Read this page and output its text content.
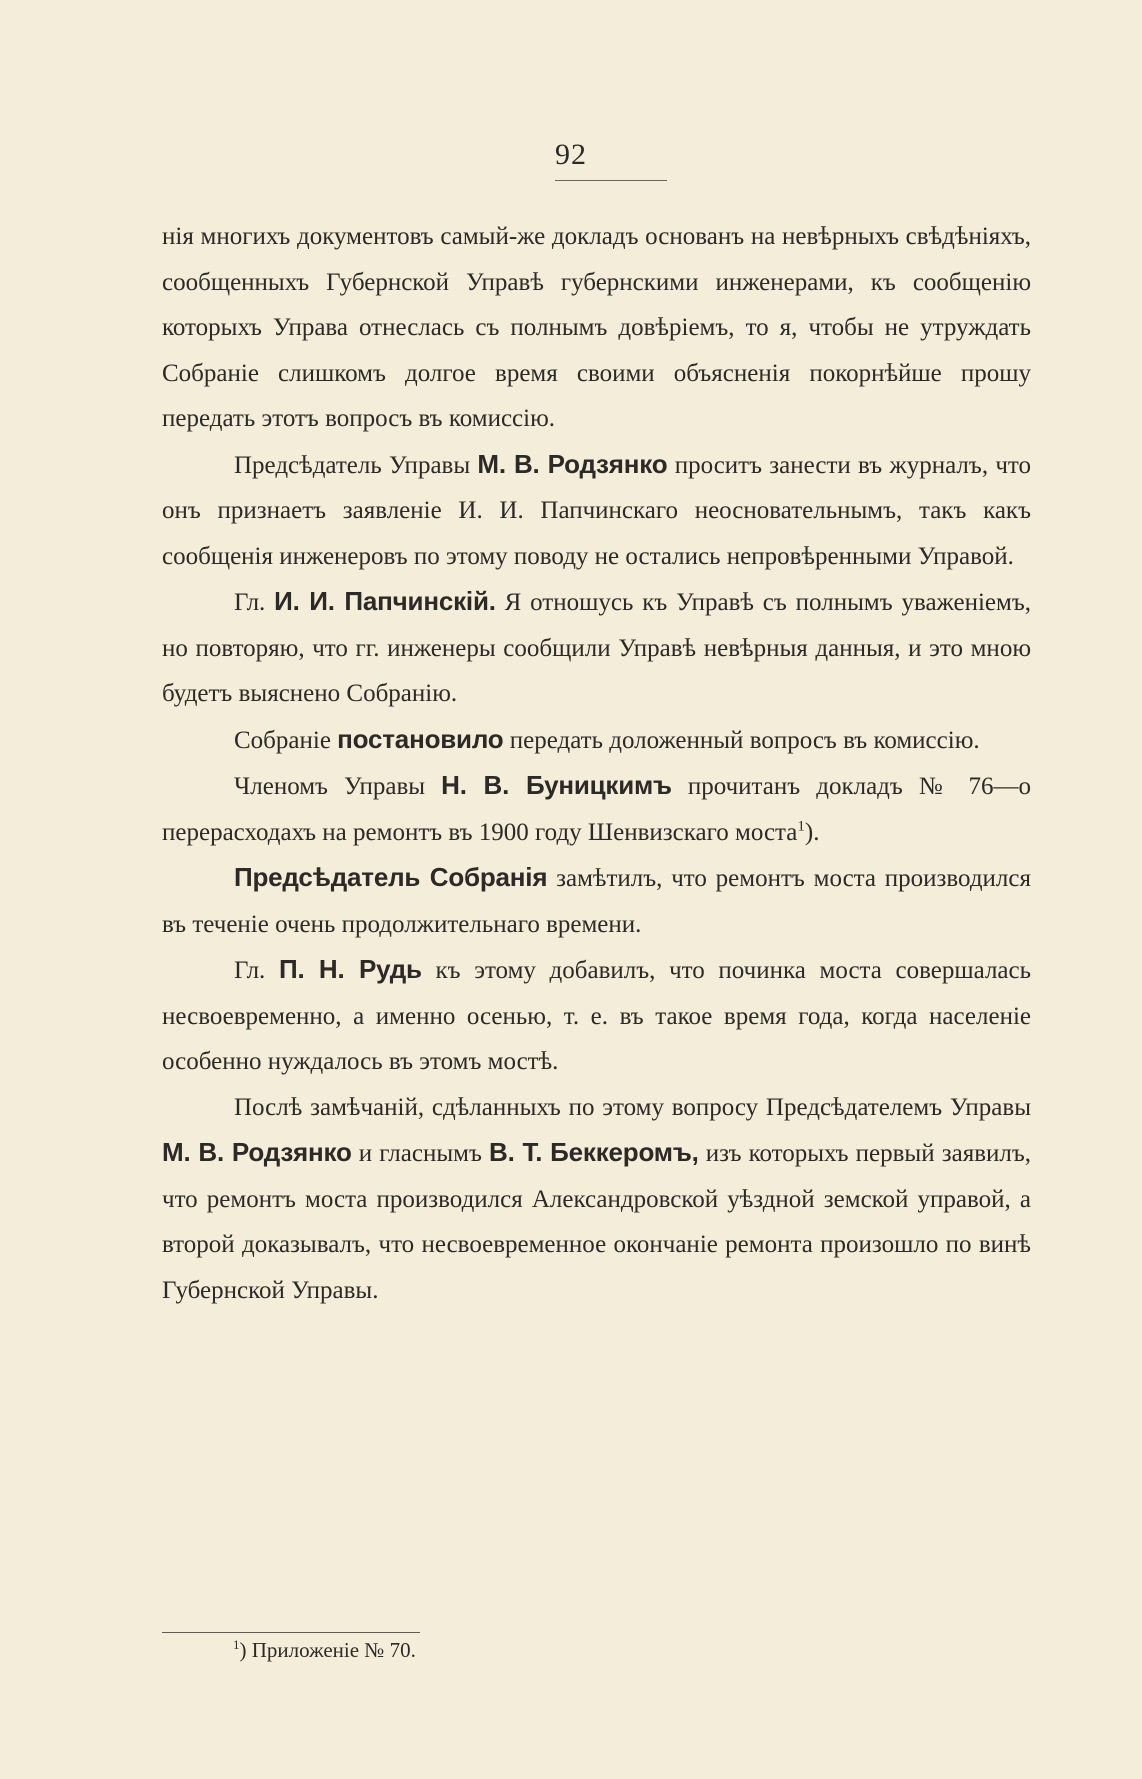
92

нія многихъ документовъ самый-же докладъ основанъ на невѣрныхъ свѣдѣніяхъ, сообщенныхъ Губернской Управѣ губернскими инженерами, къ сообщенію которыхъ Управа отнеслась съ полнымъ довѣріемъ, то я, чтобы не утруждать Собраніе слишкомъ долгое время своими объясненія покорнѣйше прошу передать этотъ вопросъ въ комиссію.

Предсѣдатель Управы М. В. Родзянко проситъ занести въ журналъ, что онъ признаетъ заявленіе И. И. Папчинскаго неосновательнымъ, такъ какъ сообщенія инженеровъ по этому поводу не остались непровѣренными Управой.

Гл. И. И. Папчинскій. Я отношусь къ Управѣ съ полнымъ уваженіемъ, но повторяю, что гг. инженеры сообщили Управѣ невѣрныя данныя, и это мною будетъ выяснено Собранію.

Собраніе постановило передать доложенный вопросъ въ комиссію.

Членомъ Управы Н. В. Буницкимъ прочитанъ докладъ № 76—о перерасходахъ на ремонтъ въ 1900 году Шенвизскаго моста$^1$).

Предсѣдатель Собранія замѣтилъ, что ремонтъ моста производился въ теченіе очень продолжительнаго времени.

Гл. П. Н. Рудь къ этому добавилъ, что починка моста совершалась несвоевременно, а именно осенью, т. е. въ такое время года, когда населеніе особенно нуждалось въ этомъ мостѣ.

Послѣ замѣчаній, сдѣланныхъ по этому вопросу Предсѣдателемъ Управы М. В. Родзянко и гласнымъ В. Т. Беккеромъ, изъ которыхъ первый заявилъ, что ремонтъ моста производился Александровской уѣздной земской управой, а второй доказывалъ, что несвоевременное окончаніе ремонта произошло по винѣ Губернской Управы.

$^1$) Приложеніе № 70.
